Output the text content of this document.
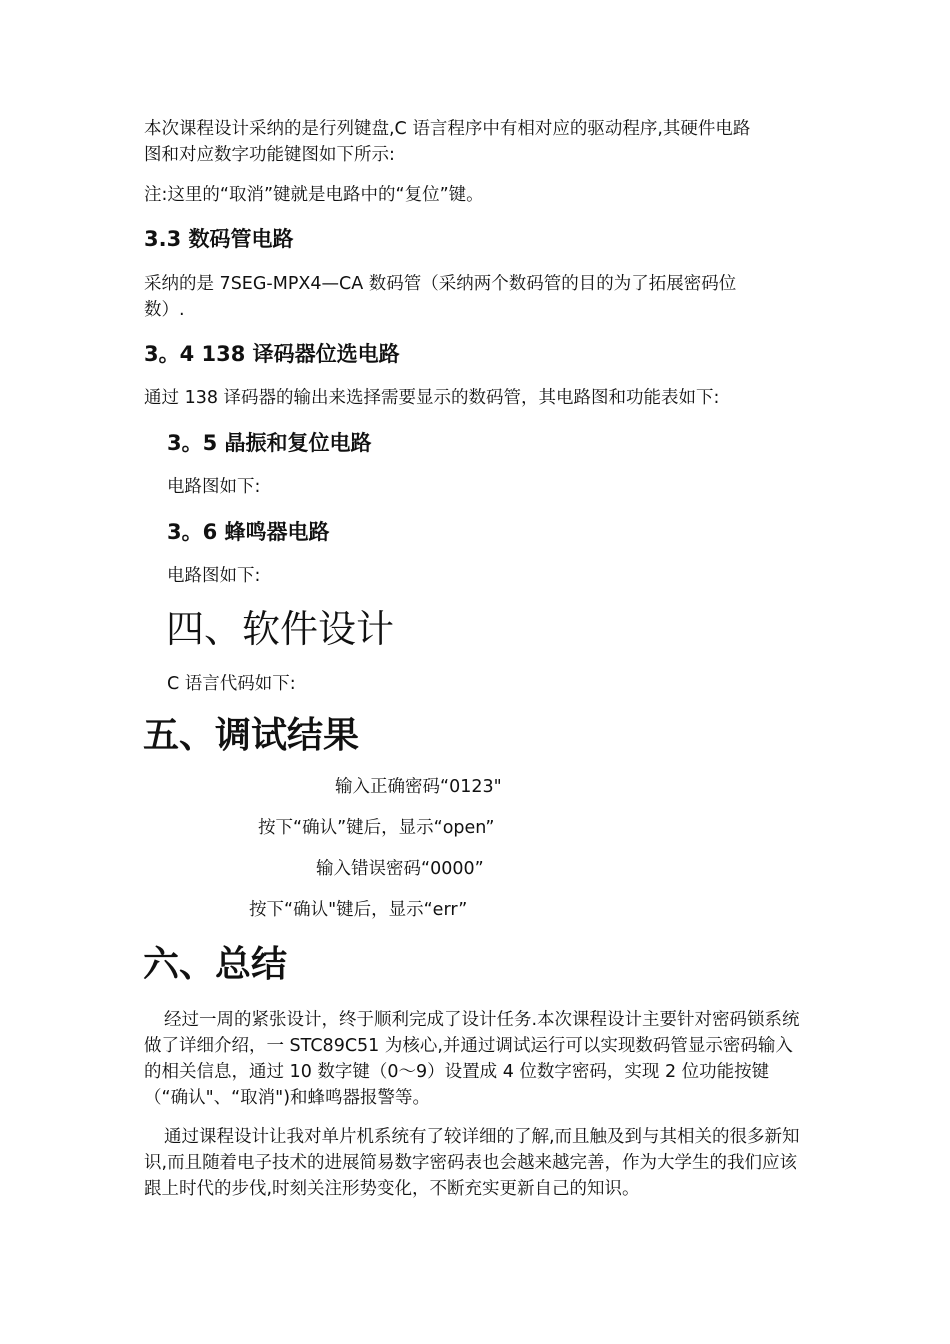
本次课程设计采纳的是行列键盘,C 语言程序中有相对应的驱动程序,其硬件电路

图和对应数字功能键图如下所示:

注:这里的“取消”键就是电路中的“复位”键。

3.3 数码管电路

采纳的是 7SEG-MPX4—CA 数码管（采纳两个数码管的目的为了拓展密码位

数）.

3。4 138 译码器位选电路

通过 138 译码器的输出来选择需要显示的数码管，其电路图和功能表如下:

3。5 晶振和复位电路

电路图如下:

3。6 蜂鸣器电路

电路图如下:

四、软件设计

C 语言代码如下:

五、调试结果

输入正确密码“0123"

按下“确认”键后，显示“open”

输入错误密码“0000”

按下“确认"键后，显示“err”

六、总结

经过一周的紧张设计，终于顺利完成了设计任务.本次课程设计主要针对密码锁系统做了详细介绍，一 STC89C51 为核心,并通过调试运行可以实现数码管显示密码输入的相关信息，通过 10 数字键（0～9）设置成 4 位数字密码，实现 2 位功能按键（“确认"、“取消")和蜂鸣器报警等。

通过课程设计让我对单片机系统有了较详细的了解,而且触及到与其相关的很多新知识,而且随着电子技术的进展简易数字密码表也会越来越完善，作为大学生的我们应该跟上时代的步伐,时刻关注形势变化，不断充实更新自己的知识。
